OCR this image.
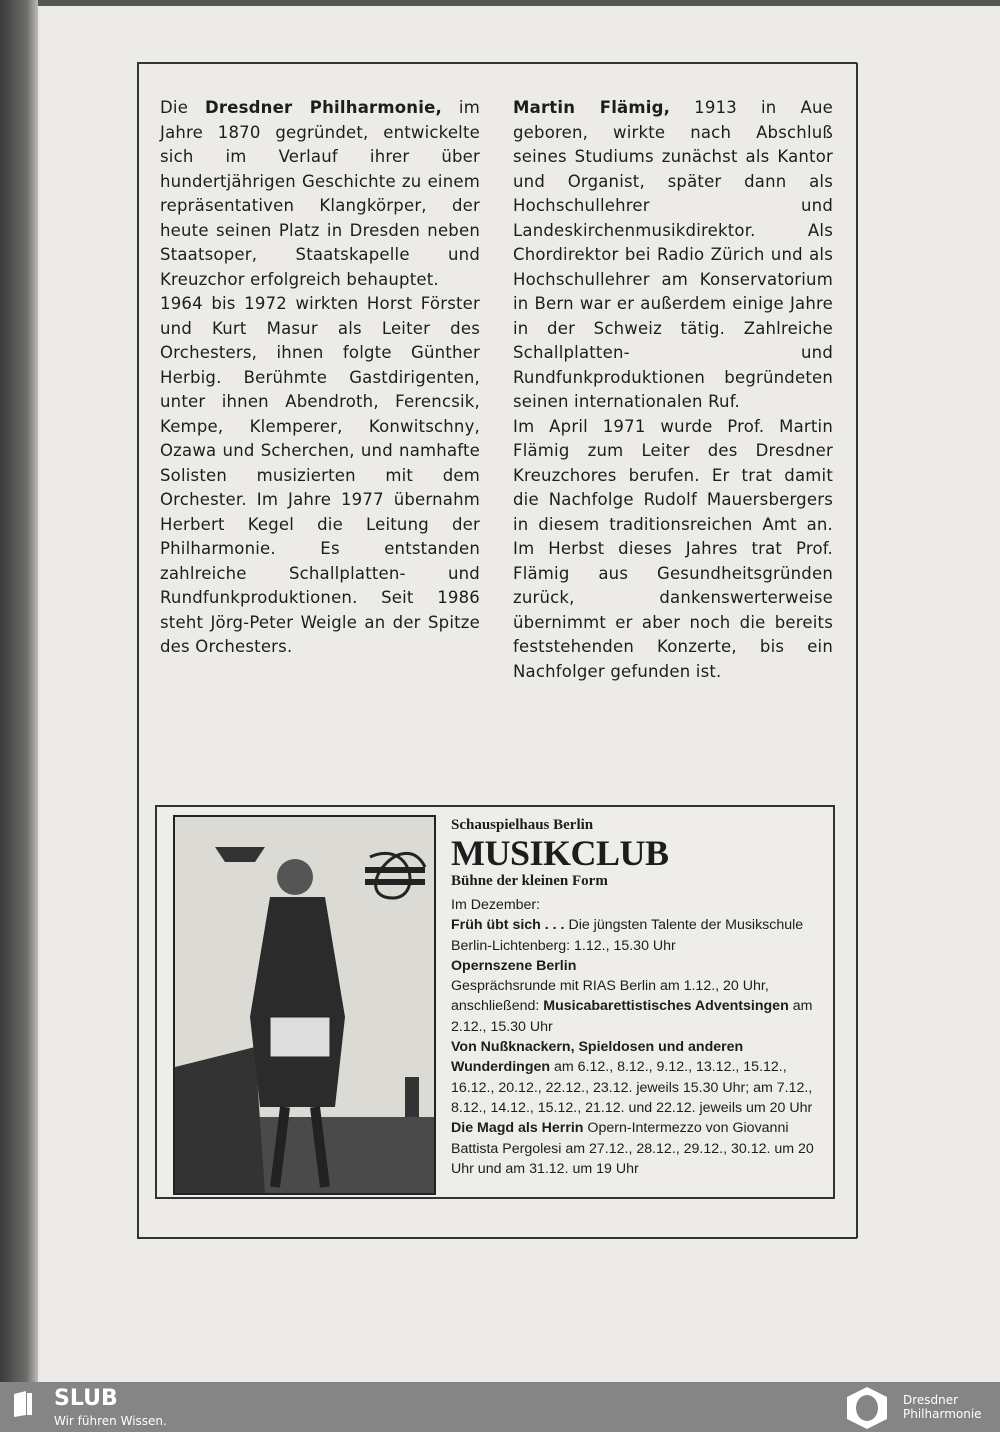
Die Dresdner Philharmonie, im Jahre 1870 gegründet, entwickelte sich im Verlauf ihrer über hundertjährigen Geschichte zu einem repräsentativen Klangkörper, der heute seinen Platz in Dresden neben Staatsoper, Staatskapelle und Kreuzchor erfolgreich behauptet.

1964 bis 1972 wirkten Horst Förster und Kurt Masur als Leiter des Orchesters, ihnen folgte Günther Herbig. Berühmte Gastdirigenten, unter ihnen Abendroth, Ferencsik, Kempe, Klemperer, Konwitschny, Ozawa und Scherchen, und namhafte Solisten musizierten mit dem Orchester. Im Jahre 1977 übernahm Herbert Kegel die Leitung der Philharmonie. Es entstanden zahlreiche Schallplatten- und Rundfunkproduktionen. Seit 1986 steht Jörg-Peter Weigle an der Spitze des Orchesters.

Martin Flämig, 1913 in Aue geboren, wirkte nach Abschluß seines Studiums zunächst als Kantor und Organist, später dann als Hochschullehrer und Landeskirchenmusikdirektor. Als Chordirektor bei Radio Zürich und als Hochschullehrer am Konservatorium in Bern war er außerdem einige Jahre in der Schweiz tätig. Zahlreiche Schallplatten- und Rundfunkproduktionen begründeten seinen internationalen Ruf.

Im April 1971 wurde Prof. Martin Flämig zum Leiter des Dresdner Kreuzchores berufen. Er trat damit die Nachfolge Rudolf Mauersbergers in diesem traditionsreichen Amt an. Im Herbst dieses Jahres trat Prof. Flämig aus Gesundheitsgründen zurück, dankenswerterweise übernimmt er aber noch die bereits feststehenden Konzerte, bis ein Nachfolger gefunden ist.

Schauspielhaus Berlin
MUSIKCLUB
Bühne der kleinen Form
Im Dezember:
Früh übt sich . . . Die jüngsten Talente der Musikschule Berlin-Lichtenberg: 1.12., 15.30 Uhr
Opernszene Berlin
Gesprächsrunde mit RIAS Berlin am 1.12., 20 Uhr, anschließend: Musicabarettistisches Adventsingen am 2.12., 15.30 Uhr
Von Nußknackern, Spieldosen und anderen Wunderdingen am 6.12., 8.12., 9.12., 13.12., 15.12., 16.12., 20.12., 22.12., 23.12. jeweils 15.30 Uhr; am 7.12., 8.12., 14.12., 15.12., 21.12. und 22.12. jeweils um 20 Uhr
Die Magd als Herrin Opern-Intermezzo von Giovanni Battista Pergolesi am 27.12., 28.12., 29.12., 30.12. um 20 Uhr und am 31.12. um 19 Uhr
SLUB
Wir führen Wissen.
Dresdner
Philharmonie
